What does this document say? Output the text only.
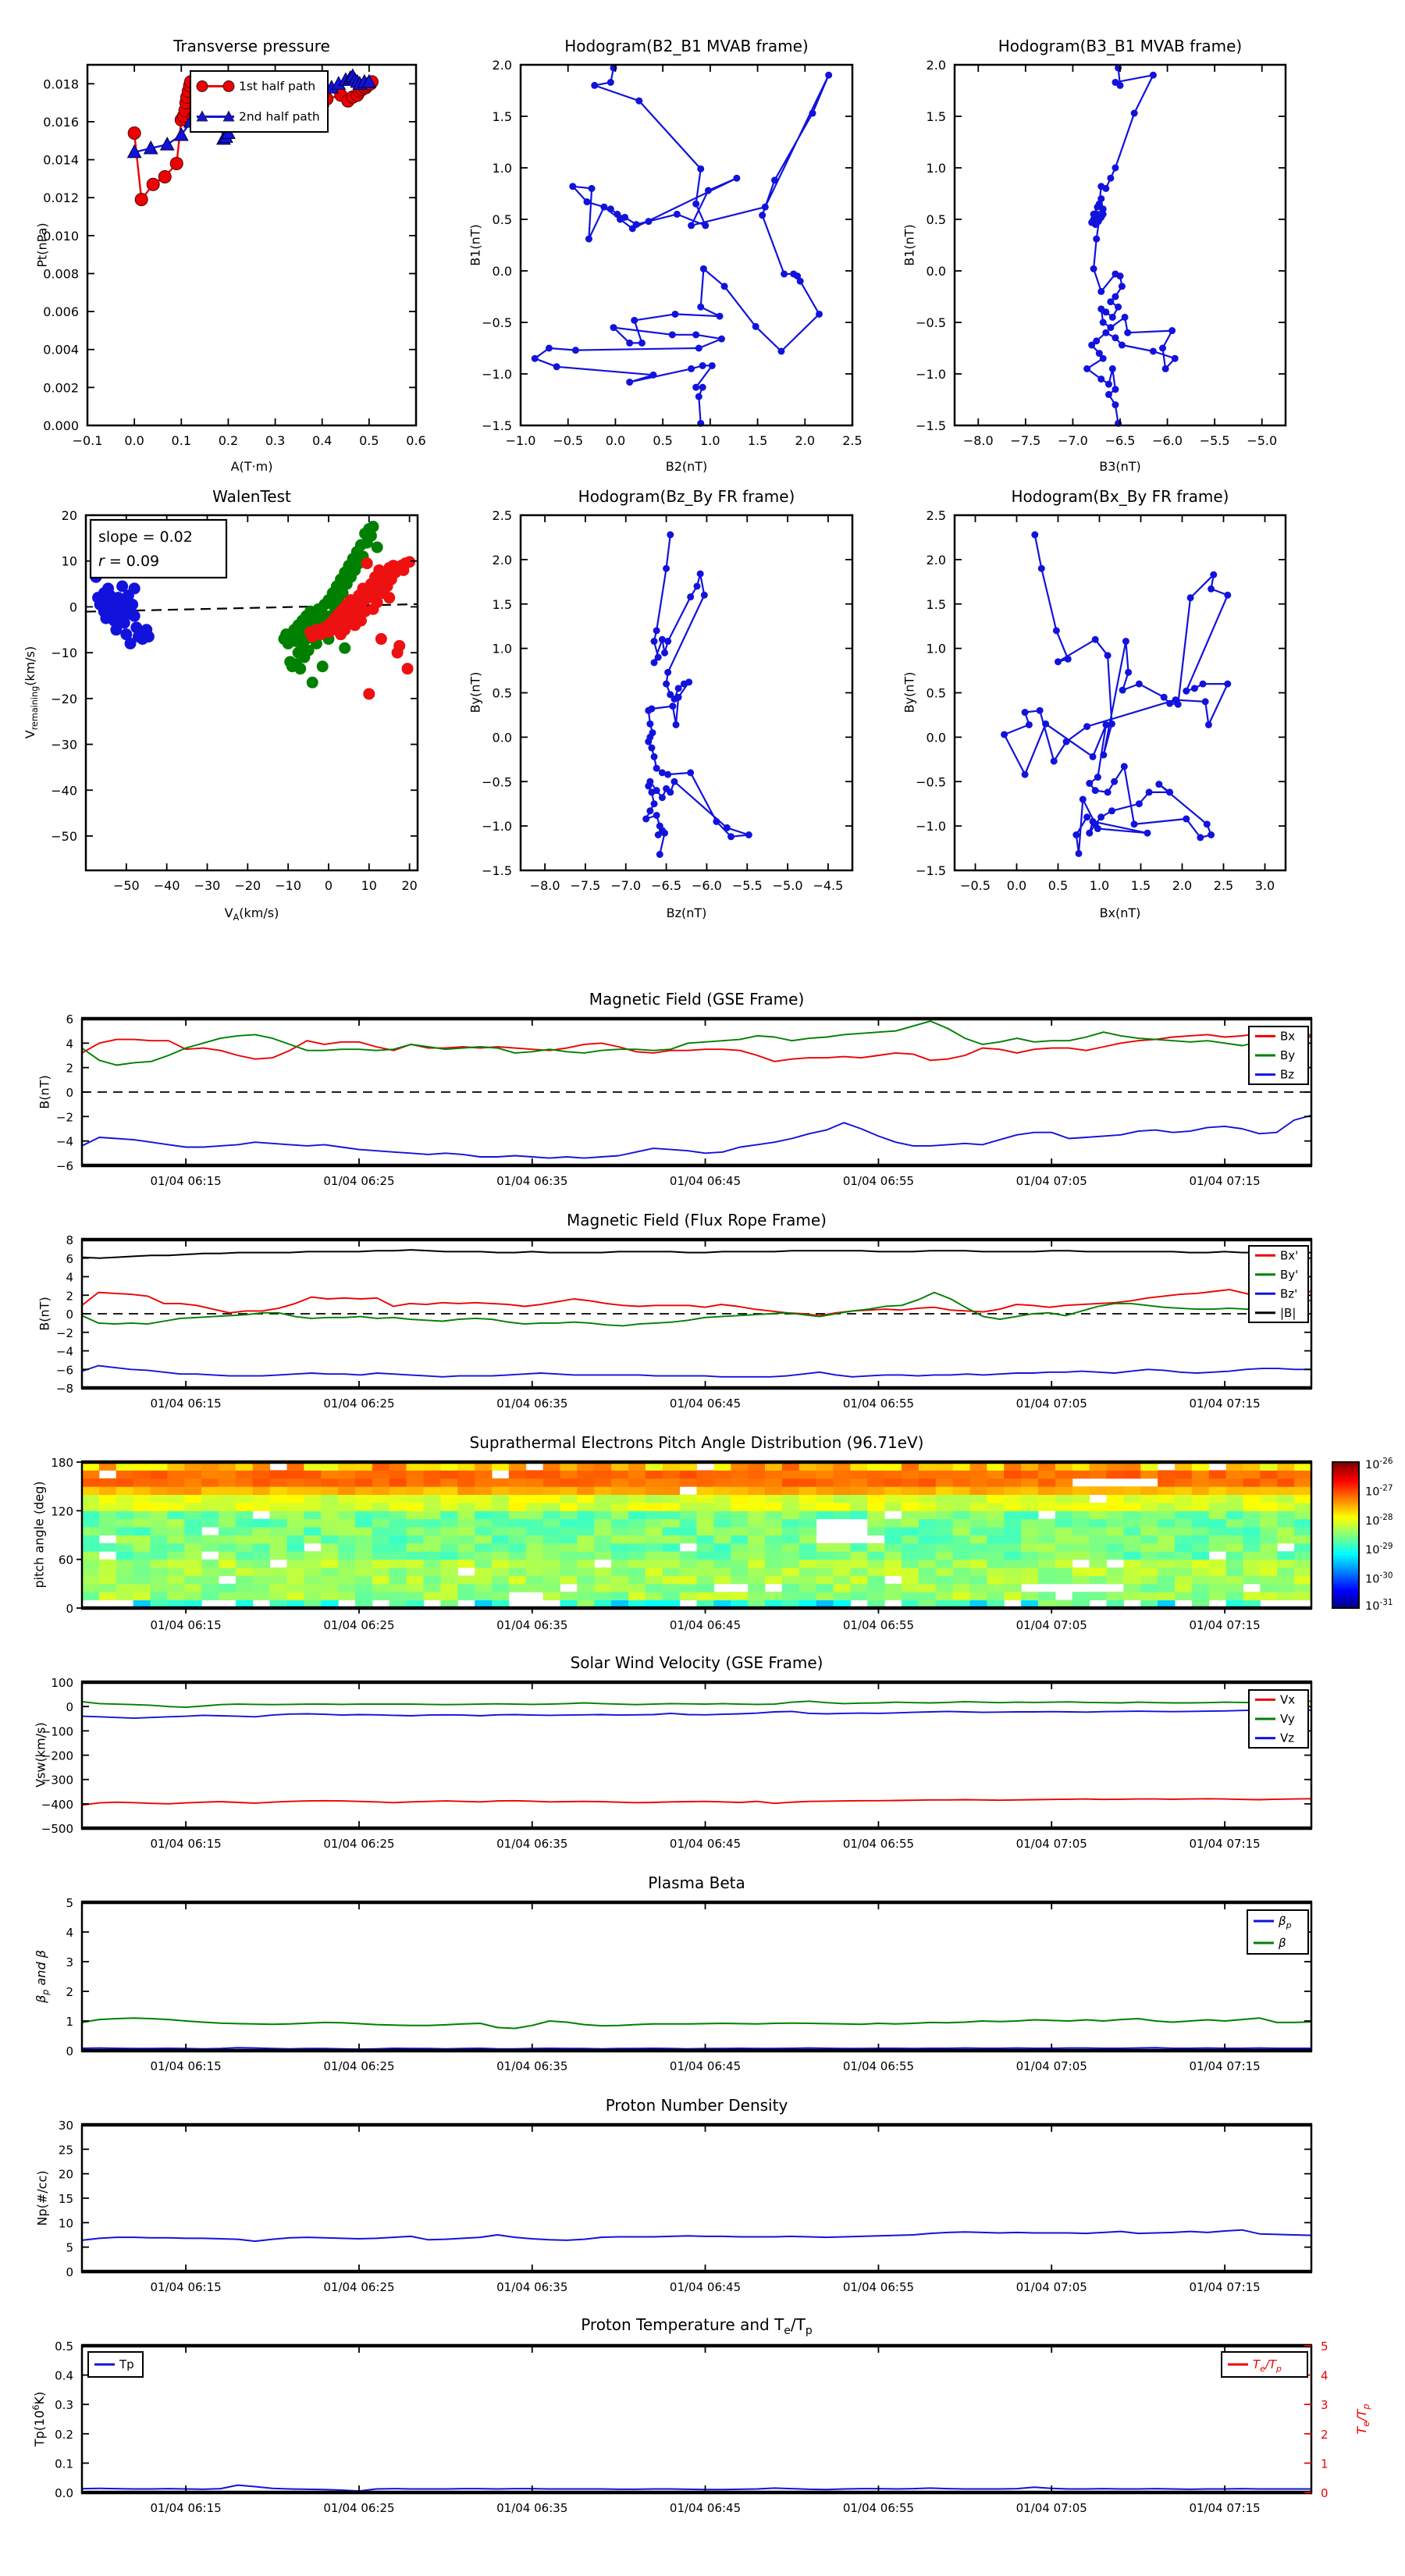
Transverse pressure
Pt(nPa)
A(T·m)
−0.1 0.0 0.1 0.2 0.3 0.4 0.5 0.6
0.000
0.002
0.004
0.006
0.008
0.010
0.012
0.014
0.016
0.018	1st half path
2nd half path
Hodogram(B2_B1 MVAB frame)
B1(nT)
B2(nT)
−1.0 −0.5 0.0 0.5 1.0 1.5 2.0 2.5
−1.5
−1.0
−0.5
0.0
0.5
1.0
1.5
2.0
Hodogram(B3_B1 MVAB frame)
B1(nT)
B3(nT)
−8.0 −7.5 −7.0 −6.5 −6.0 −5.5 −5.0
−1.5
−1.0
−0.5
0.0
0.5
1.0
1.5
2.0
WalenTest
$V_{remaining}(km/s)$
$V_A(km/s)$
−50 −40 −30 −20 −10 0 10 20
20
10
0
−10
−20
−30
−40
−50
slope = 0.02
r = 0.09
Hodogram(Bz_By FR frame)
By(nT)
Bz(nT)
−8.0 −7.5 −7.0 −6.5 −6.0 −5.5 −5.0 −4.5
−1.5
−1.0
−0.5
0.0
0.5
1.0
1.5
2.0
2.5
Hodogram(Bx_By FR frame)
By(nT)
Bx(nT)
−0.5 0.0 0.5 1.0 1.5 2.0 2.5 3.0
−1.5
−1.0
−0.5
0.0
0.5
1.0
1.5
2.0
2.5
Magnetic Field (GSE Frame)
B(nT)
01/04 06:15	01/04 06:25	01/04 06:35	01/04 06:45	01/04 06:55	01/04 07:05	01/04 07:15
6
4
2
0
−2
−4
−6
Bx
By
Bz
Magnetic Field (Flux Rope Frame)
B(nT)
01/04 06:15	01/04 06:25	01/04 06:35	01/04 06:45	01/04 06:55	01/04 07:05	01/04 07:15
8
6
4
2
0
−2
−4
−6
−8
Bx'
By'
Bz'
|B|
Suprathermal Electrons Pitch Angle Distribution (96.71eV)
pitch angle (deg)
01/04 06:15	01/04 06:25	01/04 06:35	01/04 06:45	01/04 06:55	01/04 07:05	01/04 07:15
0
60
120
180	$10^{-26}$
$10^{-27}$
$10^{-28}$
$10^{-29}$
$10^{-30}$
$10^{-31}$
Solar Wind Velocity (GSE Frame)
Vsw(km/s)
01/04 06:15	01/04 06:25	01/04 06:35	01/04 06:45	01/04 06:55	01/04 07:05	01/04 07:15
100
0
−100
−200
−300
−400
−500
Vx
Vy
Vz
Plasma Beta
$\beta_p$ and β
01/04 06:15	01/04 06:25	01/04 06:35	01/04 06:45	01/04 06:55	01/04 07:05	01/04 07:15
0
1
2
3
4
5
$\beta_p$
β
Proton Number Density
Np(#/cc)
01/04 06:15	01/04 06:25	01/04 06:35	01/04 06:45	01/04 06:55	01/04 07:05	01/04 07:15
0
5
10
15
20
25
30
Proton Temperature and $T_e/T_p$
$Tp(10^6K)$
$T_e/T_p$
01/04 06:15	01/04 06:25	01/04 06:35	01/04 06:45	01/04 06:55	01/04 07:05	01/04 07:15
0.0
0.1
0.2
0.3
0.4
0.5
0
1
2
3
4
5
Tp	$T_e/T_p$
